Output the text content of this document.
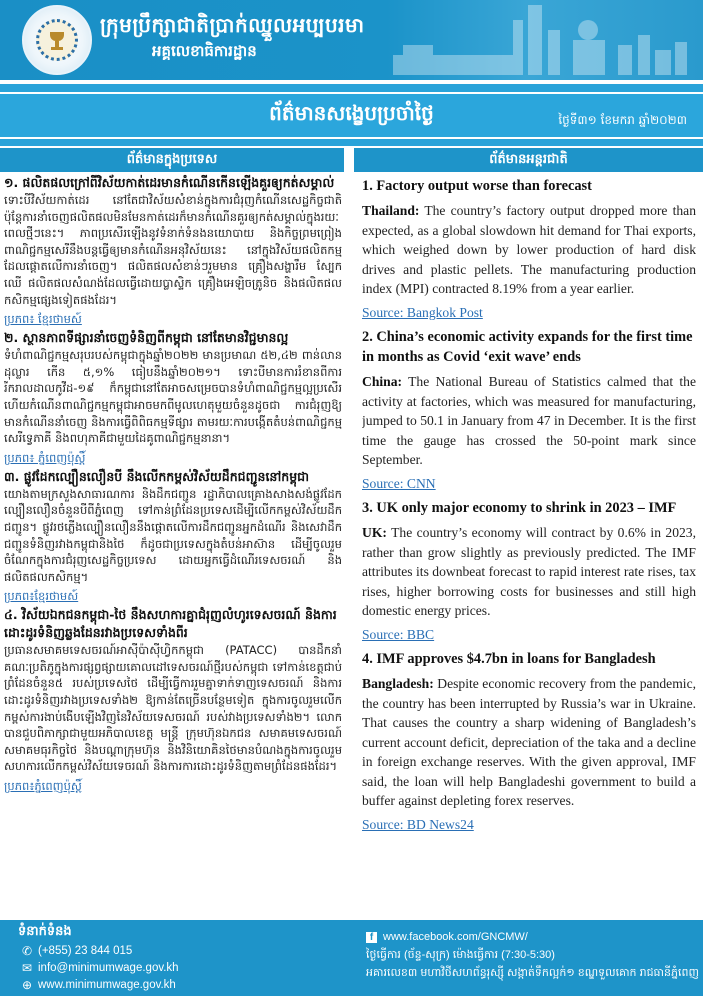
ក្រុមប្រឹក្សាជាតិប្រាក់ឈ្នួលអប្បបរមា
អគ្គលេខាធិការដ្ឋាន
ព័ត៌មានសង្ខេបប្រចាំថ្ងៃ	ថ្ងៃទី៣១ ខែមករា ឆ្នាំ២០២៣
ព័ត៌មានក្នុងប្រទេស	ព័ត៌មានអន្តរជាតិ
១. ផលិតផលក្រៅពីវិស័យកាត់ដេរមានកំណើនកើនឡើងគួរឲ្យកត់សម្គាល់
ទោះបីវិស័យកាត់ដេរ នៅតែជាវិស័យសំខាន់ក្នុងការជំរុញកំណើនសេដ្ឋកិច្ចជាតិ ប៉ុន្តែការនាំចេញផលិតផលមិនមែនកាត់ដេរក៏មានកំណើនគួរឲ្យកត់សម្គាល់ក្នុងរយៈពេលថ្មីៗនេះ។ ភាពប្រសើរឡើងនូវទំនាក់ទំនងនយោបាយ និងកិច្ចព្រមព្រៀងពាណិជ្ជកម្មសេរីនឹងបន្តធ្វើឲ្យមានកំណើនអនុវិស័យនេះ នៅក្នុងវិស័យផលិតកម្មដែលផ្តោតលើការនាំចេញ។ ផលិតផលសំខាន់ៗរួមមាន គ្រឿងសង្ហារឹម ស្បែក ឈើ ផលិតផលសំណង់ដែលធ្វើដោយប្លាស្ទិក គ្រឿងអេឡិចត្រូនិច និងផលិតផលកសិកម្មផ្សេងទៀតផងដែរ។
ប្រភព៖ ខ្មែរថាមស៍
២. ស្ថានភាពទីផ្សារនាំចេញទំនិញពីកម្ពុជា នៅតែមានវិជ្ជមានល្អ
ទំហំពាណិជ្ជកម្មសរុបរបស់កម្ពុជាក្នុងឆ្នាំ២០២២ មានប្រមាណ ៥២,៤២ ពាន់លានដុល្លារ កើន ៥,១% ធៀបនឹងឆ្នាំ២០២១។ ទោះបីមានការរំខានពីការរីករាលដាលកូវីដ-១៩ ក៏កម្ពុជានៅតែអាចសម្រេចបានទំហំពាណិជ្ជកម្មល្អប្រសើរ ហើយកំណើនពាណិជ្ជកម្មកម្ពុជាអាចមកពីមូលហេតុមួយចំនួនដូចជា ការជំរុញឱ្យមានកំណើននាំចេញ និងការធ្វើពិពិធកម្មទីផ្សារ តាមរយៈការបង្កើតតំបន់ពាណិជ្ជកម្មសេរីទ្វេភាគី និងពហុភាគីជាមួយដៃគូពាណិជ្ជកម្មនានា។
ប្រភព៖ ភ្នំពេញប៉ុស្តិ៍
៣. ផ្លូវដែកល្បឿនលឿនបី នឹងលើកកម្ពស់វិស័យដឹកជញ្ជូននៅកម្ពុជា
យោងតាមក្រសួងសាធារណការ និងដឹកជញ្ជូន រដ្ឋាភិបាលគ្រោងសាងសង់ផ្លូវដែកល្បឿនលឿនចំនួនបីពីភ្នំពេញ ទៅកាន់ព្រំដែនប្រទេសដើម្បីលើកកម្ពស់វិស័យដឹកជញ្ជូន។ ផ្លូវរថភ្លើងល្បឿនលឿននឹងផ្តោតលើការដឹកជញ្ជូនអ្នកដំណើរ និងសេវាដឹកជញ្ជូនទំនិញរវាងកម្ពុជានិងថៃ ក៏ដូចជាប្រទេសក្នុងតំបន់អាស៊ាន ដើម្បីចូលរួមចំណែកក្នុងការជំរុញសេដ្ឋកិច្ចប្រទេស ដោយអ្នកធ្វើដំណើរទេសចរណ៍ និង ផលិតផលកសិកម្ម។
ប្រភព៖ខ្មែរថាមស៍
៤. វិស័យឯកជនកម្ពុជា-ថៃ នឹងសហការគ្នាជំរុញលំហូរទេសចរណ៍ និងការដោះដូរទំនិញឆ្លងដែនរវាងប្រទេសទាំងពីរ
ប្រធានសមាគមទេសចរណ៍អាស៊ីប៉ាស៊ីហ្វិកកម្ពុជា (PATACC) បានដឹកនាំគណៈប្រតិភូក្នុងការផ្សព្វផ្សាយគោលដៅទេសចរណ៍ថ្មីរបស់កម្ពុជា ទៅកាន់ខេត្តជាប់ព្រំដែនចំនួន៥ របស់ប្រទេសថៃ ដើម្បីធ្វើការរួមគ្នាទាក់ទាញទេសចរណ៍ និងការដោះដូរទំនិញរវាងប្រទេសទាំង២ ឱ្យកាន់តែច្រើនបន្ថែមទៀត ក្នុងការចូលរួមលើកកម្ពស់ការងាប់ងើបឡើងវិញនៃវិស័យទេសចរណ៍ របស់វាងប្រទេសទាំង២។ លោកបានជួបពិភាក្សាជាមួយអភិបាលខេត្ត មន្ត្រី ក្រុមហ៊ុនឯកជន សមាគមទេសចរណ៍ សមាគមធុរកិច្ចថៃ និងបណ្តាក្រុមហ៊ុន និងវិនិយោគិនថៃមានបំណងក្នុងការចូលរួមសហការលើកកម្ពស់វិស័យទេចរណ៍ និងការការដោះដូរទំនិញតាមព្រំដែនផងដែរ។
ប្រភព៖ភ្នំពេញប៉ុស្តិ៍
1. Factory output worse than forecast
Thailand: The country’s factory output dropped more than expected, as a global slowdown hit demand for Thai exports, which weighed down by lower production of hard disk drives and plastic pellets. The manufacturing production index (MPI) contracted 8.19% from a year earlier.
Source: Bangkok Post
2. China’s economic activity expands for the first time in months as Covid ‘exit wave’ ends
China: The National Bureau of Statistics calmed that the activity at factories, which was measured for manufacturing, jumped to 50.1 in January from 47 in December. It is the first time the gauge has crossed the 50-point mark since September.
Source: CNN
3. UK only major economy to shrink in 2023 – IMF
UK: The country’s economy will contract by 0.6% in 2023, rather than grow slightly as previously predicted. The IMF attributes its downbeat forecast to rapid interest rate rises, tax rises, higher borrowing costs for businesses and still high domestic energy prices.
Source: BBC
4. IMF approves $4.7bn in loans for Bangladesh
Bangladesh: Despite economic recovery from the pandemic, the country has been interrupted by Russia’s war in Ukraine. That causes the country a sharp widening of Bangladesh’s current account deficit, depreciation of the taka and a decline in foreign exchange reserves. With the given approval, IMF said, the loan will help Bangladeshi government to build a buffer against depleting forex reserves.
Source: BD News24
ទំនាក់ទំនង
✆ (+855) 23 844 015
✉ info@minimumwage.gov.kh
⊕ www.minimumwage.gov.kh
f www.facebook.com/GNCMW/
ថ្ងៃធ្វើការ (ច័ន្ទ-សុក្រ) ម៉ោងធ្វើការ (7:30-5:30)
អគារលេខ៣ មហាវិថីសហព័ន្ធរុស្ស៊ី សង្កាត់ទឹកល្អក់១ ខណ្ឌទួលគោក រាជធានីភ្នំពេញ
